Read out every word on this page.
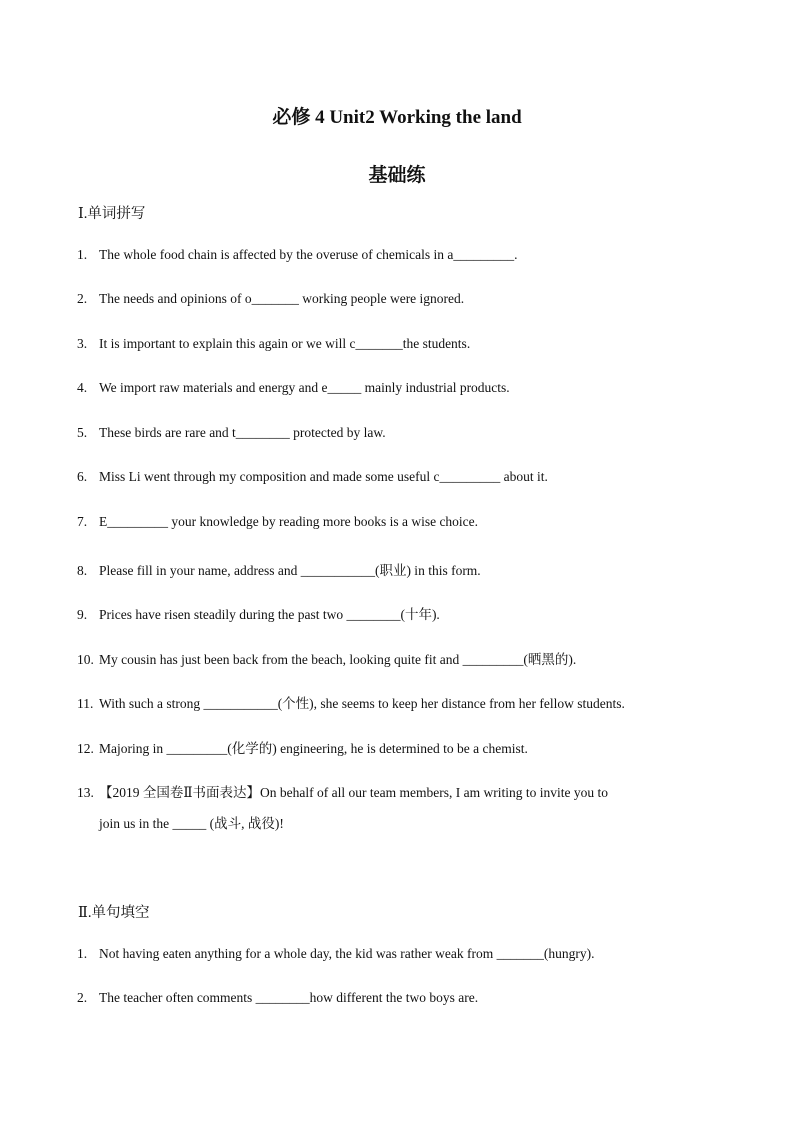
必修 4 Unit2 Working the land
基础练
Ⅰ.单词拼写
1. The whole food chain is affected by the overuse of chemicals in a_________.
2. The needs and opinions of o_______ working people were ignored.
3. It is important to explain this again or we will c_______the students.
4. We import raw materials and energy and e_____ mainly industrial products.
5. These birds are rare and t________ protected by law.
6. Miss Li went through my composition and made some useful c_________ about it.
7. E_________ your knowledge by reading more books is a wise choice.
8. Please fill in your name, address and ___________(职业) in this form.
9. Prices have risen steadily during the past two ________(十年).
10. My cousin has just been back from the beach, looking quite fit and _________(晒黑的).
11. With such a strong ___________(个性), she seems to keep her distance from her fellow students.
12. Majoring in _________(化学的) engineering, he is determined to be a chemist.
13. 【2019 全国卷Ⅱ书面表达】On behalf of all our team members, I am writing to invite you to
join us in the _____ (战斗, 战役)!
Ⅱ.单句填空
1. Not having eaten anything for a whole day, the kid was rather weak from _______(hungry).
2. The teacher often comments ________how different the two boys are.
